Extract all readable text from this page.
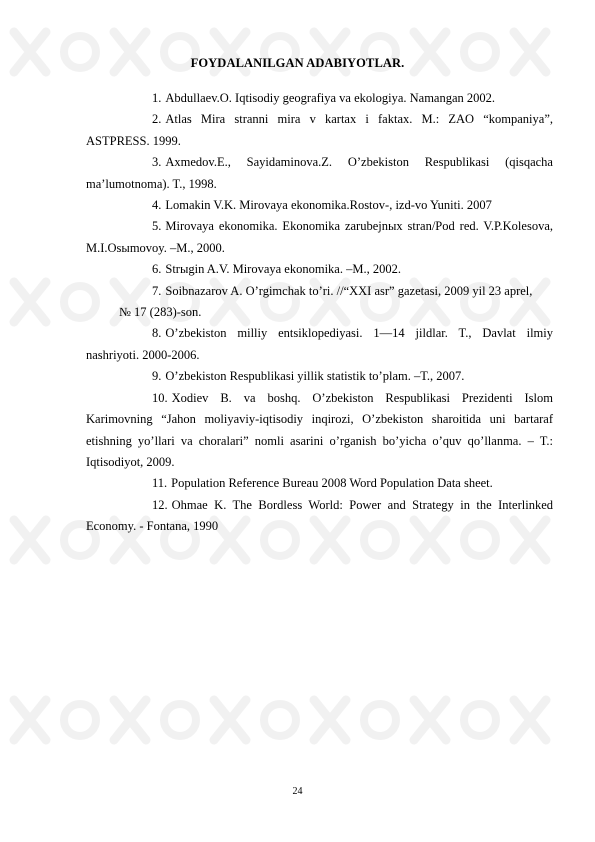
FOYDALANILGAN ADABIYOTLAR.
1. Abdullaev.O. Iqtisodiy geografiya va ekologiya. Namangan 2002.
2. Atlas Mira stranni mira v kartax i faktax. M.: ZAO “kompaniya”, ASTPRESS. 1999.
3. Axmedov.E., Sayidaminova.Z. O’zbekiston Respublikasi (qisqacha ma’lumotnoma). T., 1998.
4. Lomakin V.K. Mirovaya ekonomika.Rostov-, izd-vo Yuniti. 2007
5. Mirovaya ekonomika. Ekonomika zarubejnых stran/Pod red. V.P.Kolesova, M.I.Osыmovoy. –M., 2000.
6. Strыgin A.V. Mirovaya ekonomika. –M., 2002.
7. Soibnazarov A. O’rgimchak to’ri. //“XXI asr” gazetasi, 2009 yil 23 aprel,
№ 17 (283)-son.
8. O’zbekiston milliy entsiklopediyasi. 1—14 jildlar. T., Davlat ilmiy nashriyoti. 2000-2006.
9. O’zbekiston Respublikasi yillik statistik to’plam. –T., 2007.
10. Xodiev B. va boshq. O’zbekiston Respublikasi Prezidenti Islom Karimovning “Jahon moliyaviy-iqtisodiy inqirozi, O’zbekiston sharoitida uni bartaraf etishning yo’llari va choralari” nomli asarini o’rganish bo’yicha o’quv qo’llanma. – T.: Iqtisodiyot, 2009.
11. Population Reference Bureau 2008 Word Population Data sheet.
12. Ohmae K. The Bordless World: Power and Strategy in the Interlinked Economy. - Fontana, 1990
24
